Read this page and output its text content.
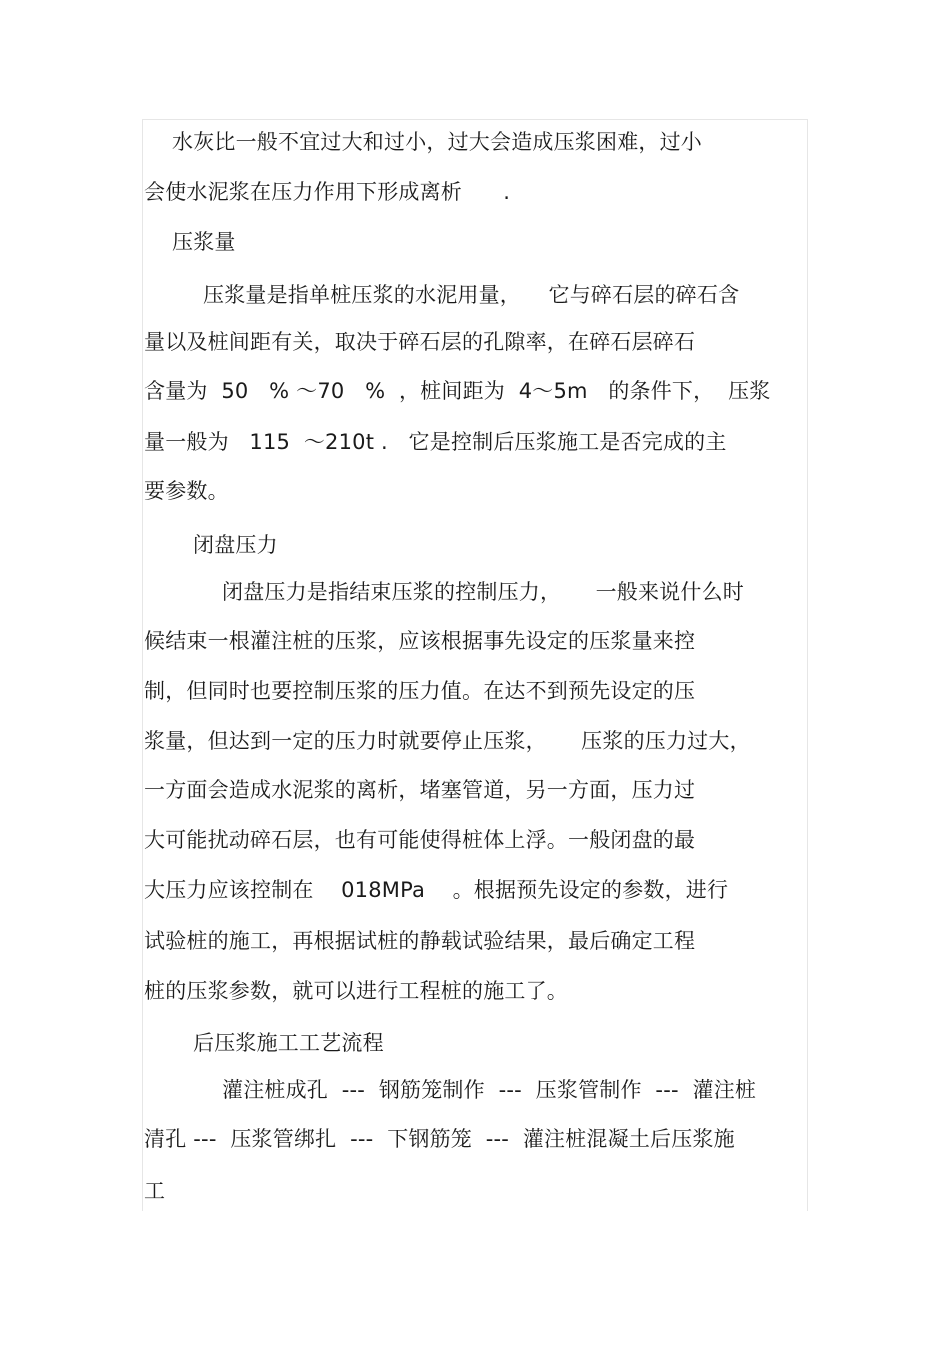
水灰比一般不宜过大和过小，过大会造成压浆困难，过小

会使水泥浆在压力作用下形成离析      .

压浆量

压浆量是指单桩压浆的水泥用量，    它与碎石层的碎石含

量以及桩间距有关，取决于碎石层的孔隙率，在碎石层碎石

含量为  50   % ～70   %  ，桩间距为  4～5m   的条件下，  压浆

量一般为   115  ～210t .   它是控制后压浆施工是否完成的主

要参数。

闭盘压力

闭盘压力是指结束压浆的控制压力，     一般来说什么时

候结束一根灌注桩的压浆，应该根据事先设定的压浆量来控

制，但同时也要控制压浆的压力值。在达不到预先设定的压

浆量，但达到一定的压力时就要停止压浆，     压浆的压力过大，

一方面会造成水泥浆的离析，堵塞管道，另一方面，压力过

大可能扰动碎石层，也有可能使得桩体上浮。一般闭盘的最

大压力应该控制在    018MPa    。根据预先设定的参数，进行

试验桩的施工，再根据试桩的静载试验结果，最后确定工程

桩的压浆参数，就可以进行工程桩的施工了。

后压浆施工工艺流程

灌注桩成孔  ---  钢筋笼制作  ---  压浆管制作  ---  灌注桩

清孔 ---  压浆管绑扎  ---  下钢筋笼  ---  灌注桩混凝土后压浆施

工
